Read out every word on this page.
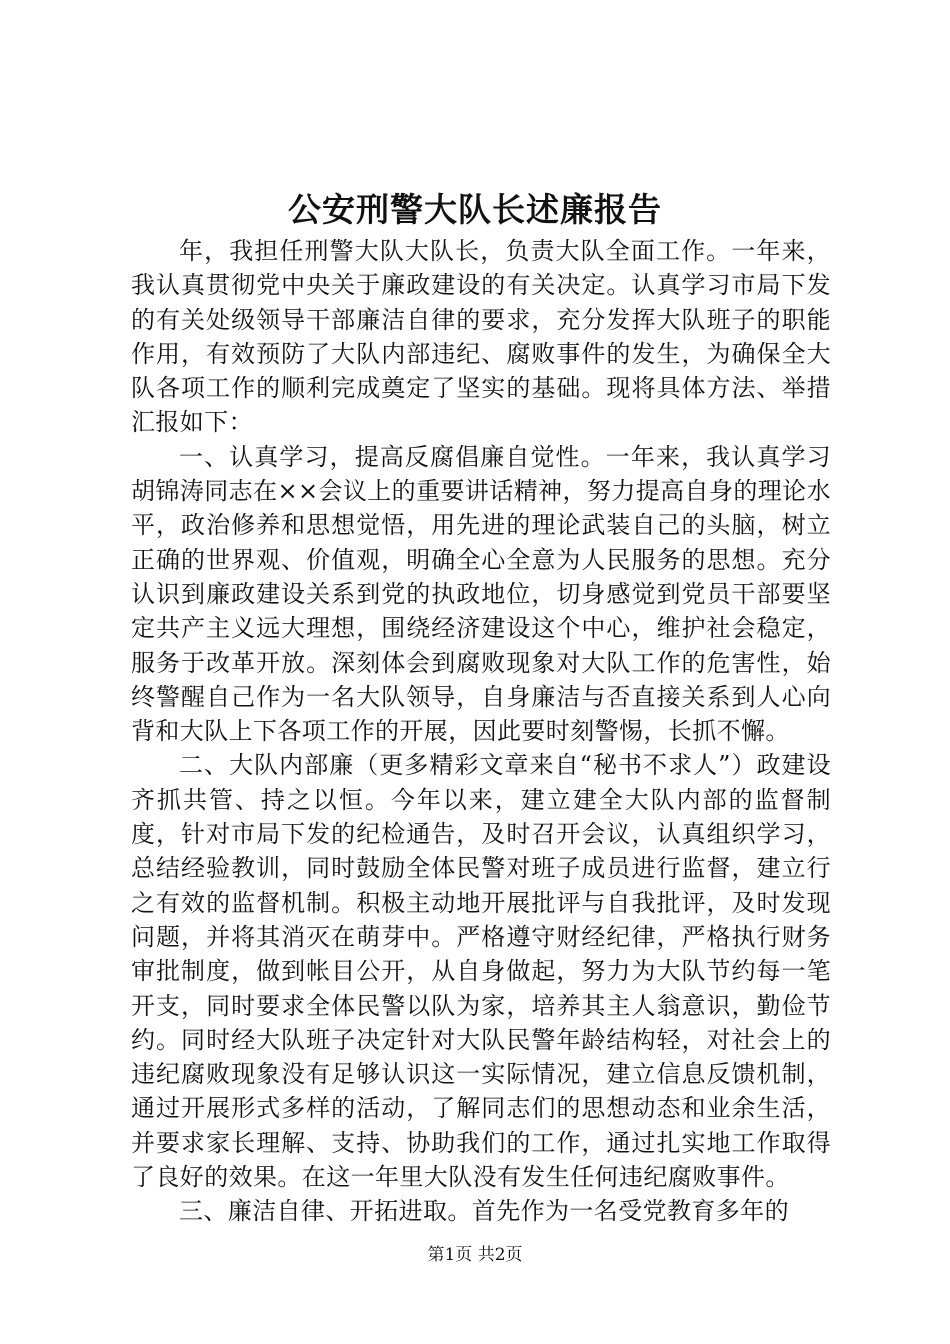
公安刑警大队长述廉报告

年，我担任刑警大队大队长，负责大队全面工作。一年来，我认真贯彻党中央关于廉政建设的有关决定。认真学习市局下发的有关处级领导干部廉洁自律的要求，充分发挥大队班子的职能作用，有效预防了大队内部违纪、腐败事件的发生，为确保全大队各项工作的顺利完成奠定了坚实的基础。现将具体方法、举措汇报如下：

一、认真学习，提高反腐倡廉自觉性。一年来，我认真学习胡锦涛同志在××会议上的重要讲话精神，努力提高自身的理论水平，政治修养和思想觉悟，用先进的理论武装自己的头脑，树立正确的世界观、价值观，明确全心全意为人民服务的思想。充分认识到廉政建设关系到党的执政地位，切身感觉到党员干部要坚定共产主义远大理想，围绕经济建设这个中心，维护社会稳定，服务于改革开放。深刻体会到腐败现象对大队工作的危害性，始终警醒自己作为一名大队领导，自身廉洁与否直接关系到人心向背和大队上下各项工作的开展，因此要时刻警惕，长抓不懈。

二、大队内部廉（更多精彩文章来自“秘书不求人”）政建设齐抓共管、持之以恒。今年以来，建立建全大队内部的监督制度，针对市局下发的纪检通告，及时召开会议，认真组织学习，总结经验教训，同时鼓励全体民警对班子成员进行监督，建立行之有效的监督机制。积极主动地开展批评与自我批评，及时发现问题，并将其消灭在萌芽中。严格遵守财经纪律，严格执行财务审批制度，做到帐目公开，从自身做起，努力为大队节约每一笔开支，同时要求全体民警以队为家，培养其主人翁意识，勤俭节约。同时经大队班子决定针对大队民警年龄结构轻，对社会上的违纪腐败现象没有足够认识这一实际情况，建立信息反馈机制，通过开展形式多样的活动，了解同志们的思想动态和业余生活，并要求家长理解、支持、协助我们的工作，通过扎实地工作取得了良好的效果。在这一年里大队没有发生任何违纪腐败事件。

三、廉洁自律、开拓进取。首先作为一名受党教育多年的

第1页 共2页
